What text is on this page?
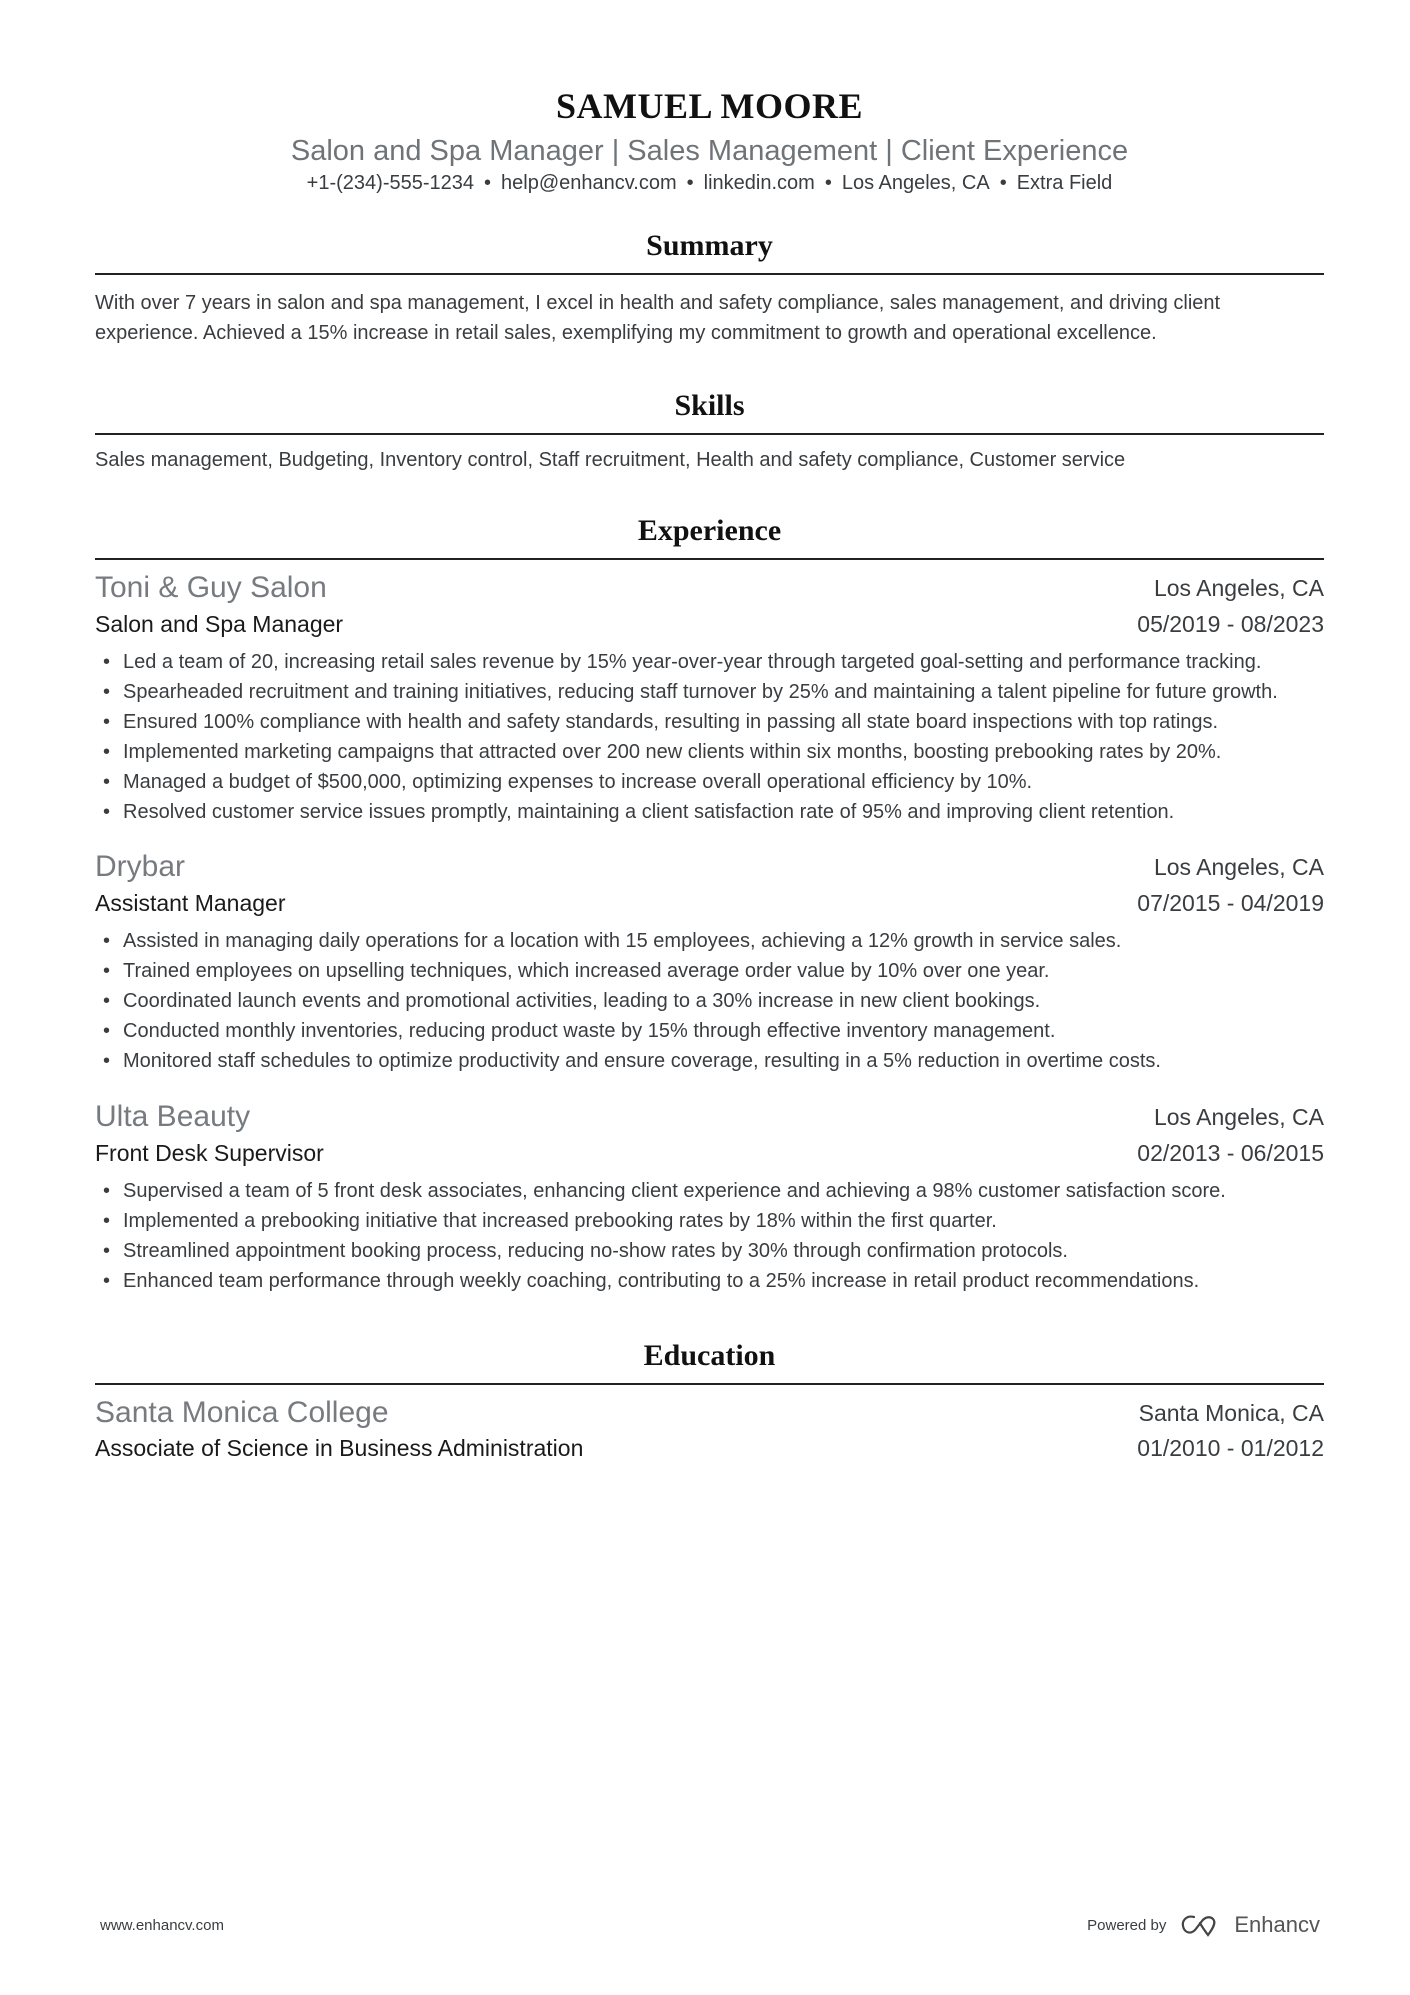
SAMUEL MOORE
Salon and Spa Manager | Sales Management | Client Experience
+1-(234)-555-1234 • help@enhancv.com • linkedin.com • Los Angeles, CA • Extra Field
Summary
With over 7 years in salon and spa management, I excel in health and safety compliance, sales management, and driving client experience. Achieved a 15% increase in retail sales, exemplifying my commitment to growth and operational excellence.
Skills
Sales management, Budgeting, Inventory control, Staff recruitment, Health and safety compliance, Customer service
Experience
Toni & Guy Salon	Los Angeles, CA
Salon and Spa Manager	05/2019 - 08/2023
• Led a team of 20, increasing retail sales revenue by 15% year-over-year through targeted goal-setting and performance tracking.
• Spearheaded recruitment and training initiatives, reducing staff turnover by 25% and maintaining a talent pipeline for future growth.
• Ensured 100% compliance with health and safety standards, resulting in passing all state board inspections with top ratings.
• Implemented marketing campaigns that attracted over 200 new clients within six months, boosting prebooking rates by 20%.
• Managed a budget of $500,000, optimizing expenses to increase overall operational efficiency by 10%.
• Resolved customer service issues promptly, maintaining a client satisfaction rate of 95% and improving client retention.
Drybar	Los Angeles, CA
Assistant Manager	07/2015 - 04/2019
• Assisted in managing daily operations for a location with 15 employees, achieving a 12% growth in service sales.
• Trained employees on upselling techniques, which increased average order value by 10% over one year.
• Coordinated launch events and promotional activities, leading to a 30% increase in new client bookings.
• Conducted monthly inventories, reducing product waste by 15% through effective inventory management.
• Monitored staff schedules to optimize productivity and ensure coverage, resulting in a 5% reduction in overtime costs.
Ulta Beauty	Los Angeles, CA
Front Desk Supervisor	02/2013 - 06/2015
• Supervised a team of 5 front desk associates, enhancing client experience and achieving a 98% customer satisfaction score.
• Implemented a prebooking initiative that increased prebooking rates by 18% within the first quarter.
• Streamlined appointment booking process, reducing no-show rates by 30% through confirmation protocols.
• Enhanced team performance through weekly coaching, contributing to a 25% increase in retail product recommendations.
Education
Santa Monica College	Santa Monica, CA
Associate of Science in Business Administration	01/2010 - 01/2012
www.enhancv.com	Powered by	Enhancv
